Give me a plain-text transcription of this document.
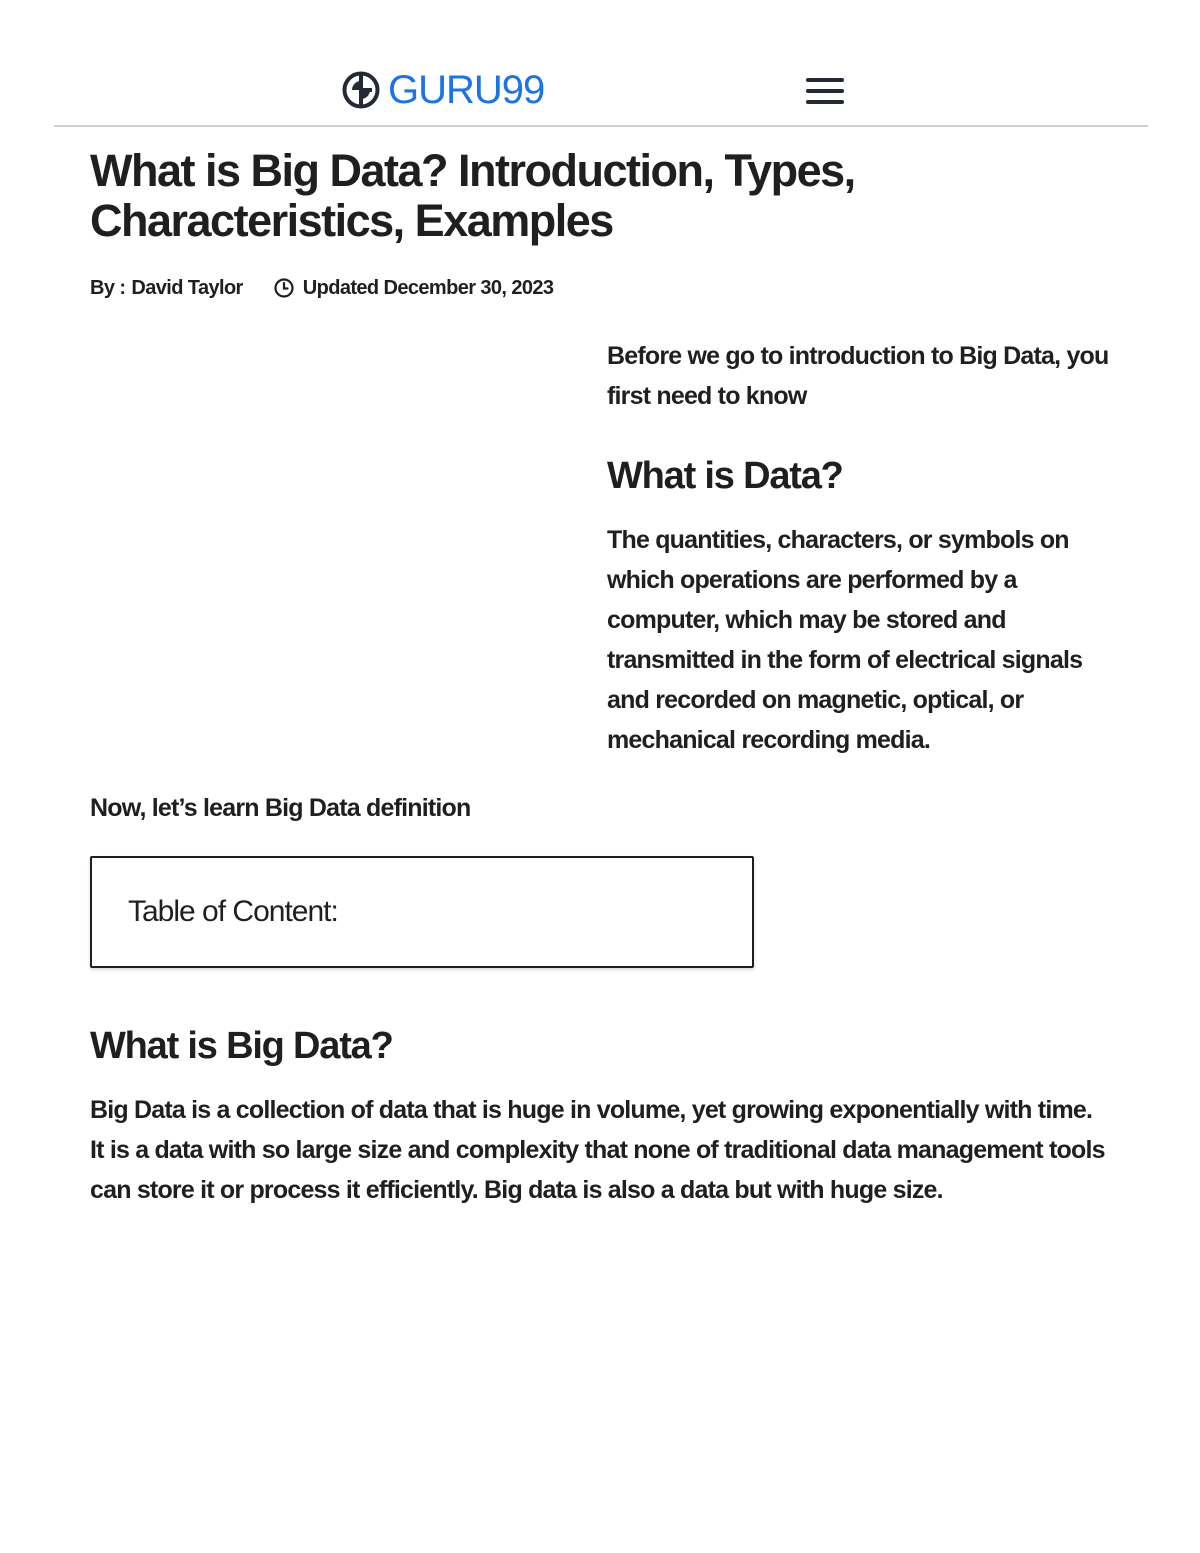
GURU99
What is Big Data? Introduction, Types, Characteristics, Examples
By : David Taylor	Updated December 30, 2023

Before we go to introduction to Big Data, you first need to know

What is Data?

The quantities, characters, or symbols on which operations are performed by a computer, which may be stored and transmitted in the form of electrical signals and recorded on magnetic, optical, or mechanical recording media.

Now, let’s learn Big Data definition

Table of Content:
What is Big Data?

Big Data is a collection of data that is huge in volume, yet growing exponentially with time. It is a data with so large size and complexity that none of traditional data management tools can store it or process it efficiently. Big data is also a data but with huge size.
